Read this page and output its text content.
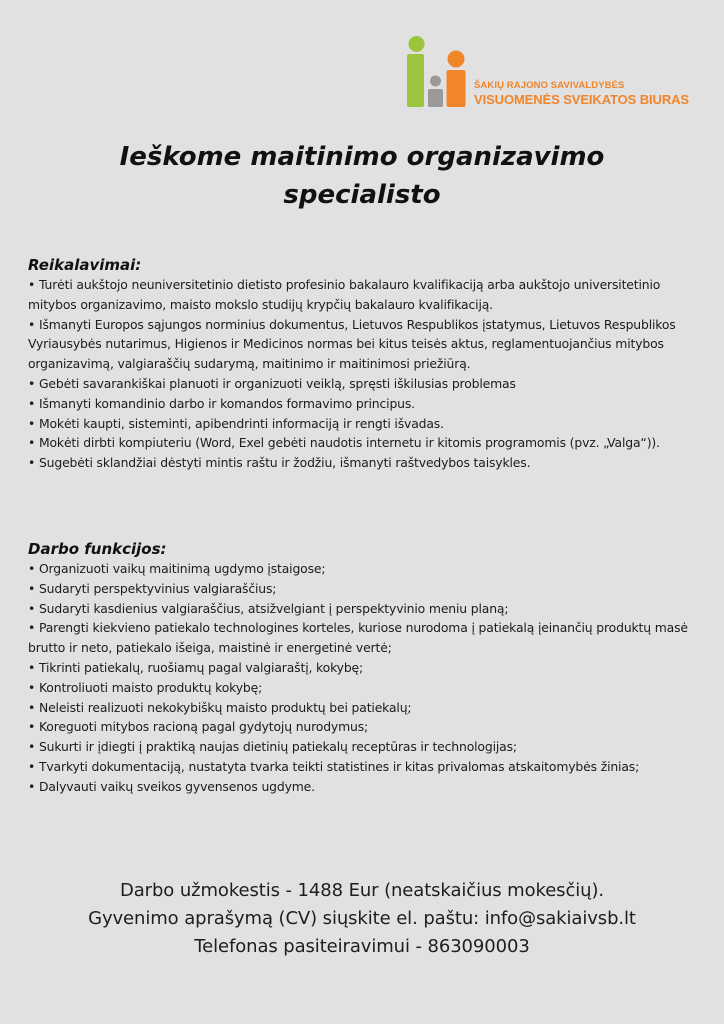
ŠAKIŲ RAJONO SAVIVALDYBĖS
VISUOMENĖS SVEIKATOS BIURAS
Ieškome maitinimo organizavimo
specialisto
Reikalavimai:
• Turėti aukštojo neuniversitetinio dietisto profesinio bakalauro kvalifikaciją arba aukštojo universitetinio mitybos organizavimo, maisto mokslo studijų krypčių bakalauro kvalifikaciją.
• Išmanyti Europos sąjungos norminius dokumentus, Lietuvos Respublikos įstatymus, Lietuvos Respublikos Vyriausybės nutarimus, Higienos ir Medicinos normas bei kitus teisės aktus, reglamentuojančius mitybos organizavimą, valgiaraščių sudarymą, maitinimo ir maitinimosi priežiūrą.
• Gebėti savarankiškai planuoti ir organizuoti veiklą, spręsti iškilusias problemas
• Išmanyti komandinio darbo ir komandos formavimo principus.
• Mokėti kaupti, sisteminti, apibendrinti informaciją ir rengti išvadas.
• Mokėti dirbti kompiuteriu (Word, Exel gebėti naudotis internetu ir kitomis programomis (pvz. „Valga“)).
• Sugebėti sklandžiai dėstyti mintis raštu ir žodžiu, išmanyti raštvedybos taisykles.
Darbo funkcijos:
• Organizuoti vaikų maitinimą ugdymo įstaigose;
• Sudaryti perspektyvinius valgiaraščius;
• Sudaryti kasdienius valgiaraščius, atsižvelgiant į perspektyvinio meniu planą;
• Parengti kiekvieno patiekalo technologines korteles, kuriose nurodoma į patiekalą įeinančių produktų masė brutto ir neto, patiekalo išeiga, maistinė ir energetinė vertė;
• Tikrinti patiekalų, ruošiamų pagal valgiaraštį, kokybę;
• Kontroliuoti maisto produktų kokybę;
• Neleisti realizuoti nekokybiškų maisto produktų bei patiekalų;
• Koreguoti mitybos racioną pagal gydytojų nurodymus;
• Sukurti ir įdiegti į praktiką naujas dietinių patiekalų receptūras ir technologijas;
• Tvarkyti dokumentaciją, nustatyta tvarka teikti statistines ir kitas privalomas atskaitomybės žinias;
• Dalyvauti vaikų sveikos gyvensenos ugdyme.
Darbo užmokestis - 1488 Eur (neatskaičius mokesčių).
Gyvenimo aprašymą (CV) siųskite el. paštu: info@sakiaivsb.lt
Telefonas pasiteiravimui - 863090003
